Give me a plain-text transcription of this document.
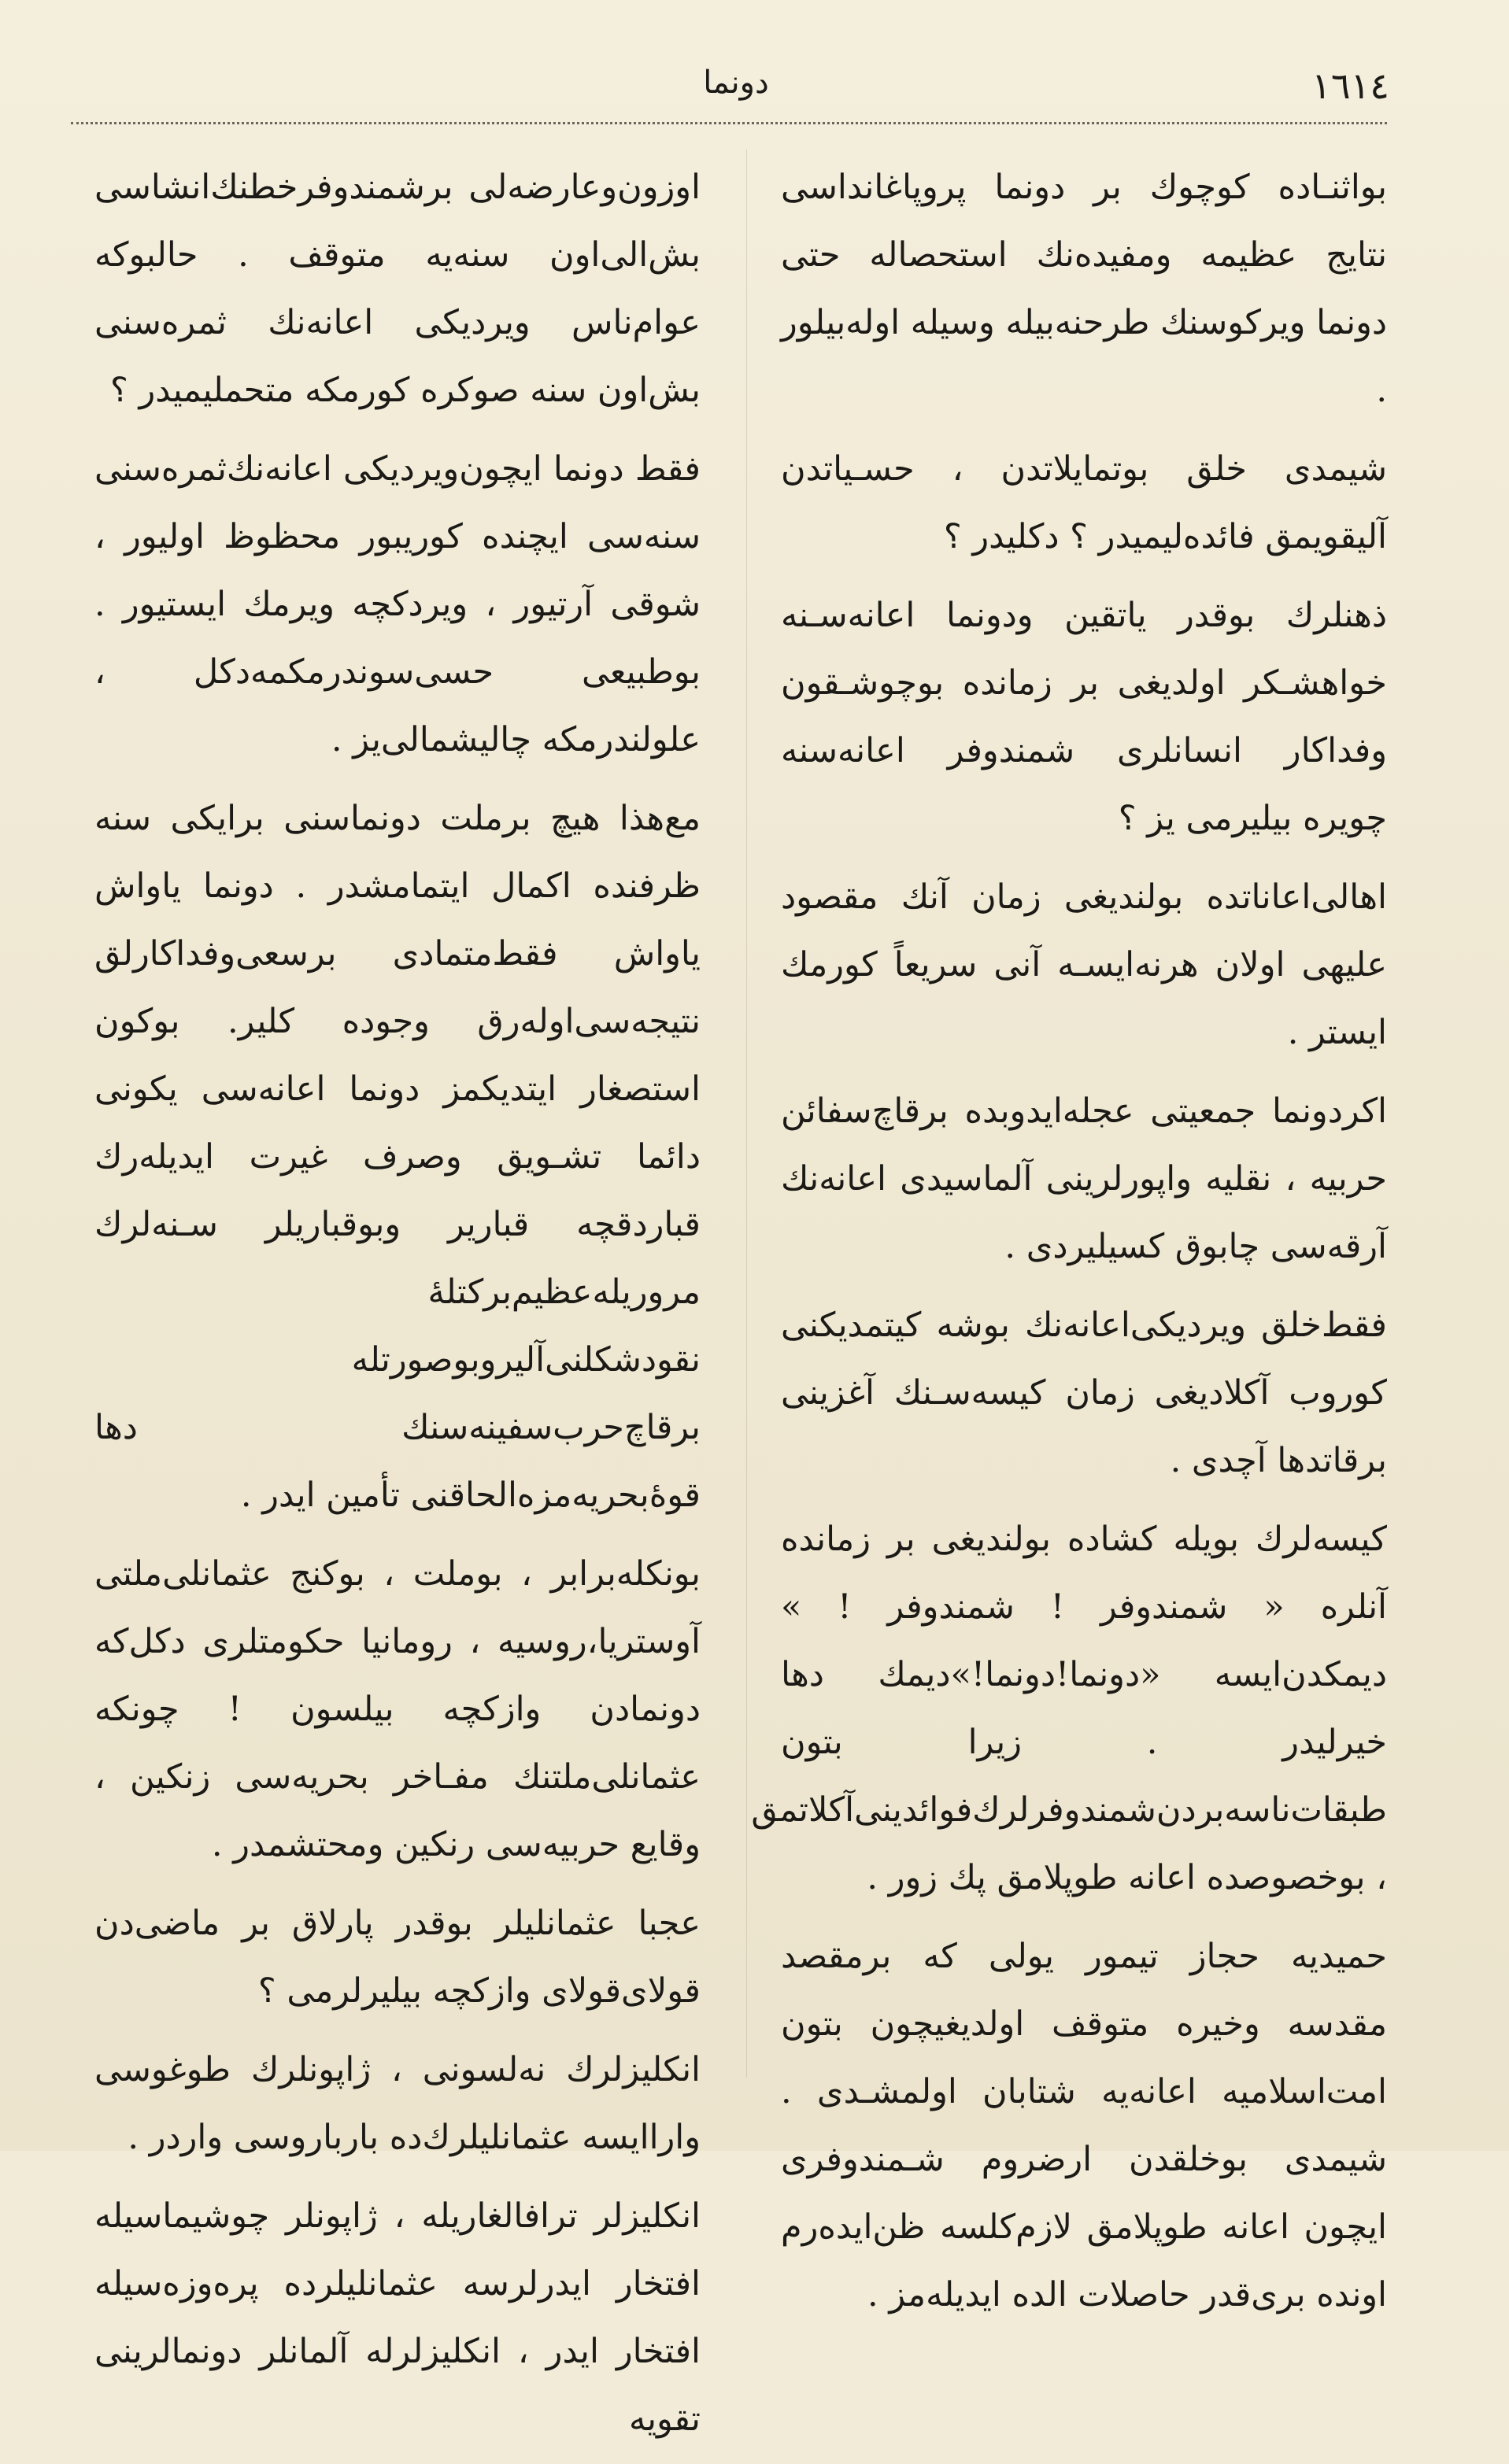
دونما	١٦١٤

بواثنـاده كوچوك بر دونما پروپاغانداسى نتايج عظيمه ومفيده‌نك استحصاله حتى دونما ويركوسنك طرحنه‌بيله وسيله اوله‌بيلور .

شيمدى خلق بوتمايلاتدن ، حسـياتدن آليقويمق فائده‌ليميدر ؟ دكليدر ؟

ذهنلرك بوقدر ياتقين ودونما اعانه‌سـنه خواهشـكر اولديغى بر زمانده بوچوشـقون وفداكار انسانلرى شمندوفر اعانه‌سنه چويره بيليرمى يز ؟

اهالى‌اعاناتده بولنديغى زمان آنك مقصود عليهى اولان هرنه‌ايسـه آنى سريعاً كورمك ايستر .

اكردونما جمعيتى عجله‌ايدوبده برقاچ‌سفائن حربيه ، نقليه واپورلرينى آلماسيدى اعانه‌نك آرقه‌سى چابوق كسيليردى .

فقط‌خلق ويرديكى‌اعانه‌نك بوشه كيتمديكنى كوروب آكلاديغى زمان كيسه‌سـنك آغزينى برقاتدها آچدى .

كيسه‌لرك بويله كشاده بولنديغى بر زمانده آنلره « شمندوفر ! شمندوفر ! » ديمكدن‌ايسه «دونما!دونما!»ديمك دها خيرليدر . زيرا بتون طبقات‌ناسه‌بردن‌شمندوفرلرك‌فوائدينى‌آكلاتمق ، بوخصوصده اعانه طوپلامق پك زور .

حميديه حجاز تيمور يولى كه برمقصد مقدسه وخيره متوقف اولديغيچون بتون امت‌اسلاميه اعانه‌يه شتابان اولمشـدى . شيمدى بوخلقدن ارضروم شـمندوفرى ايچون اعانه طوپلامق لازم‌كلسه ظن‌ايده‌رم اونده برى‌قدر حاصلات الده ايديله‌مز .

اوزون‌وعارضه‌لى برشمندوفرخطنك‌انشاسى بش‌الى‌اون سنه‌يه متوقف . حالبوكه عوام‌ناس ويرديكى اعانه‌نك ثمره‌سنى بش‌اون سنه صوكره كورمكه متحمليميدر ؟

فقط دونما ايچون‌ويرديكى اعانه‌نك‌ثمره‌سنى سنه‌سى ايچنده كوريبور محظوظ اوليور ، شوقى آرتيور ، ويردكچه ويرمك ايستيور . بوطبيعى حسى‌سوندرمكمه‌دكل ، علولندرمكه چاليشمالى‌يز .

مع‌هذا هيچ برملت دونماسنى برايكى سنه ظرفنده اكمال ايتمامشدر . دونما ياواش ياواش فقط‌متمادى برسعى‌وفداكارلق نتيجه‌سى‌اوله‌رق وجوده كلير. بوكون استصغار ايتديكمز دونما اعانه‌سى يكونى دائما تشـويق وصرف غيرت ايديله‌رك قباردقچه قبارير وبوقباريلر سـنه‌لرك مروريله‌عظيم‌بركتله‌ٔ نقودشكلنى‌آليروبوصورتله برقاچ‌حرب‌سفينه‌سنك دها قوهٔ‌بحريه‌مزه‌الحاقنى تأمين ايدر .

بونكله‌برابر ، بوملت ، بوكنج عثمانلى‌ملتى آوستريا،روسيه ، رومانيا حكومتلرى دكل‌كه دونمادن وازكچه بيلسون ! چونكه عثمانلى‌ملتنك مفـاخر بحريه‌سى زنكين ، وقايع حربيه‌سى رنكين ومحتشمدر .

عجبا عثمانليلر بوقدر پارلاق بر ماضى‌دن قولاى‌قولاى وازكچه بيليرلرمى ؟

انكليزلرك نه‌لسونى ، ژاپونلرك طوغوسى واراايسه عثمانليلرك‌ده بارباروسى واردر .

انكليزلر ترافالغاريله ، ژاپونلر چوشيماسيله افتخار ايدرلرسه عثمانليلرده پره‌وزه‌سيله افتخار ايدر ، انكليزلرله آلمانلر دونمالرينى تقويه
